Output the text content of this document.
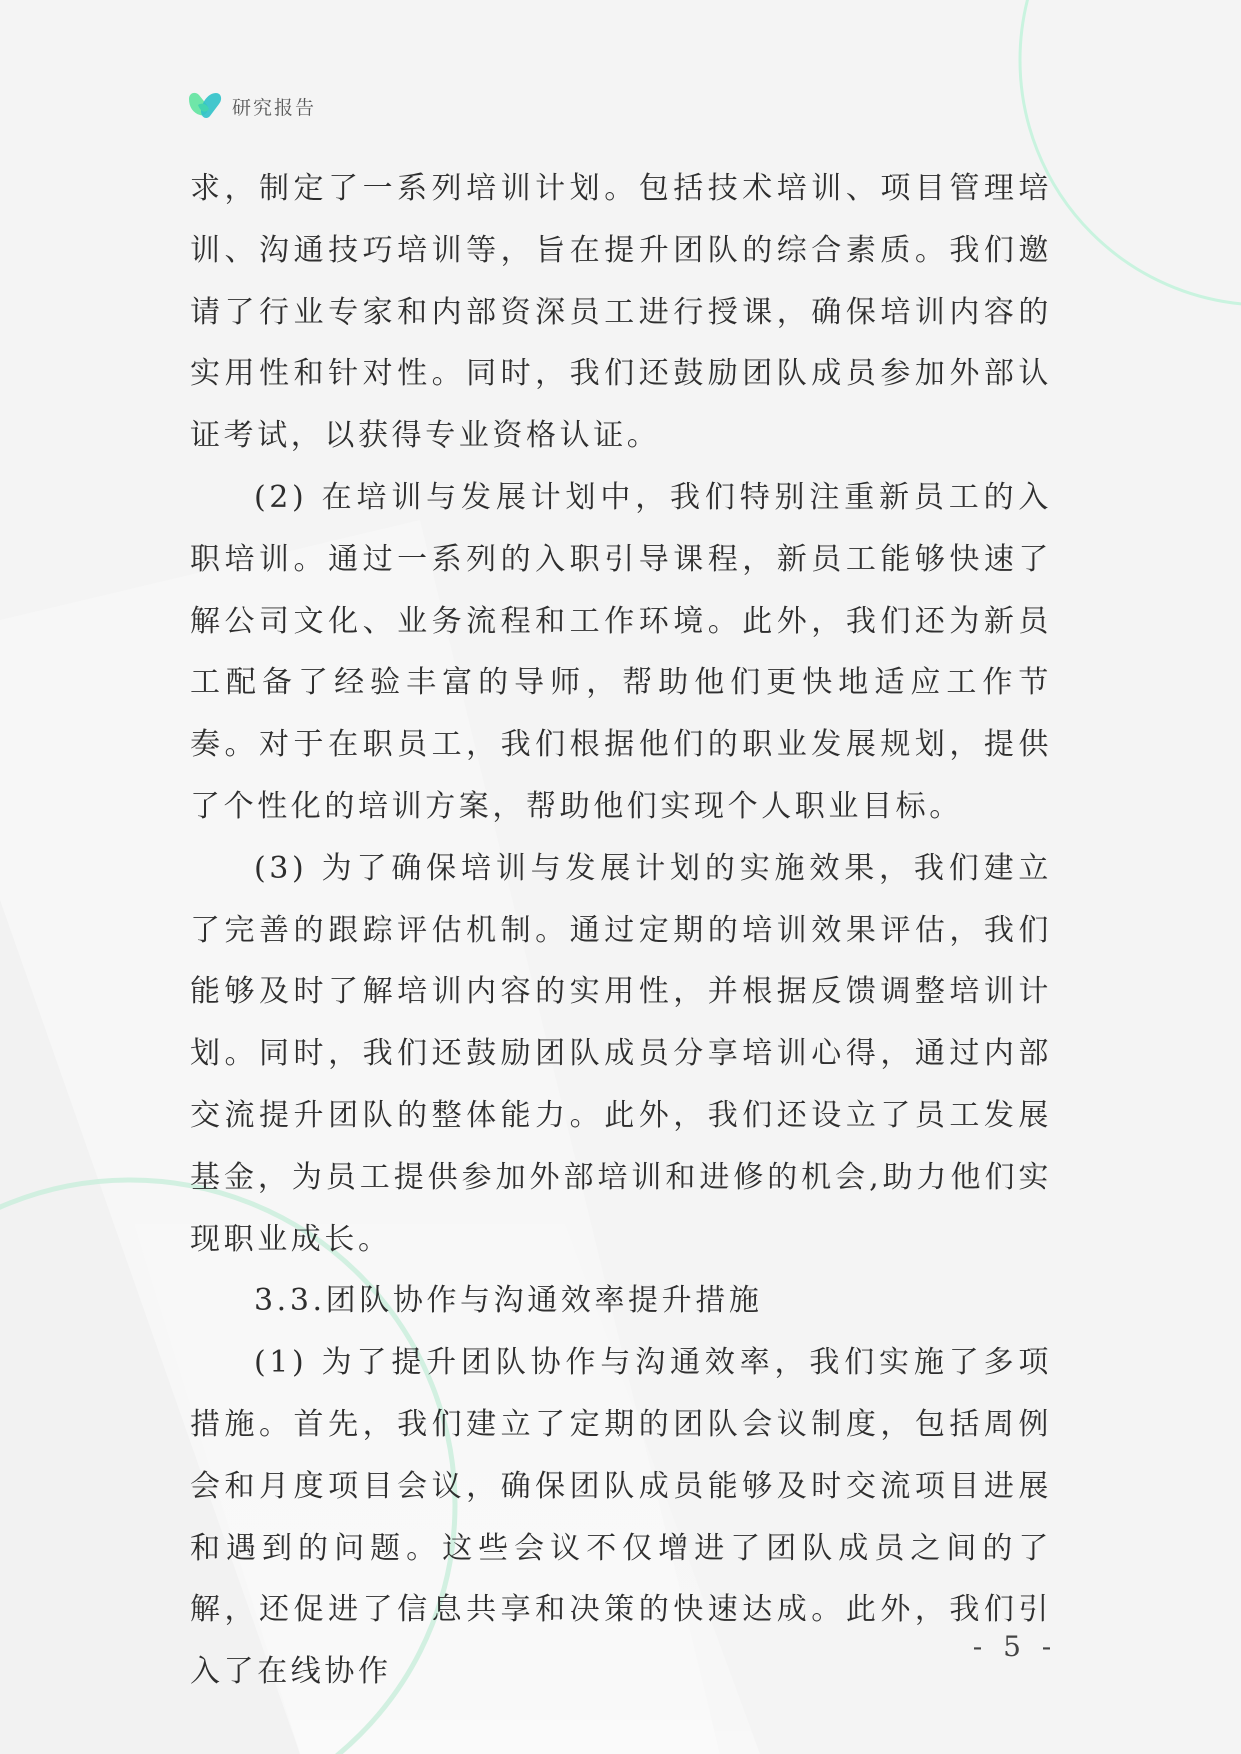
研究报告

求，制定了一系列培训计划。包括技术培训、项目管理培训、沟通技巧培训等，旨在提升团队的综合素质。我们邀请了行业专家和内部资深员工进行授课，确保培训内容的实用性和针对性。同时，我们还鼓励团队成员参加外部认证考试，以获得专业资格认证。

(2) 在培训与发展计划中，我们特别注重新员工的入职培训。通过一系列的入职引导课程，新员工能够快速了解公司文化、业务流程和工作环境。此外，我们还为新员工配备了经验丰富的导师，帮助他们更快地适应工作节奏。对于在职员工，我们根据他们的职业发展规划，提供了个性化的培训方案，帮助他们实现个人职业目标。

(3) 为了确保培训与发展计划的实施效果，我们建立了完善的跟踪评估机制。通过定期的培训效果评估，我们能够及时了解培训内容的实用性，并根据反馈调整培训计划。同时，我们还鼓励团队成员分享培训心得，通过内部交流提升团队的整体能力。此外，我们还设立了员工发展基金，为员工提供参加外部培训和进修的机会,助力他们实现职业成长。

3.3.团队协作与沟通效率提升措施

(1) 为了提升团队协作与沟通效率，我们实施了多项措施。首先，我们建立了定期的团队会议制度，包括周例会和月度项目会议，确保团队成员能够及时交流项目进展和遇到的问题。这些会议不仅增进了团队成员之间的了解，还促进了信息共享和决策的快速达成。此外，我们引入了在线协作

- 5 -
